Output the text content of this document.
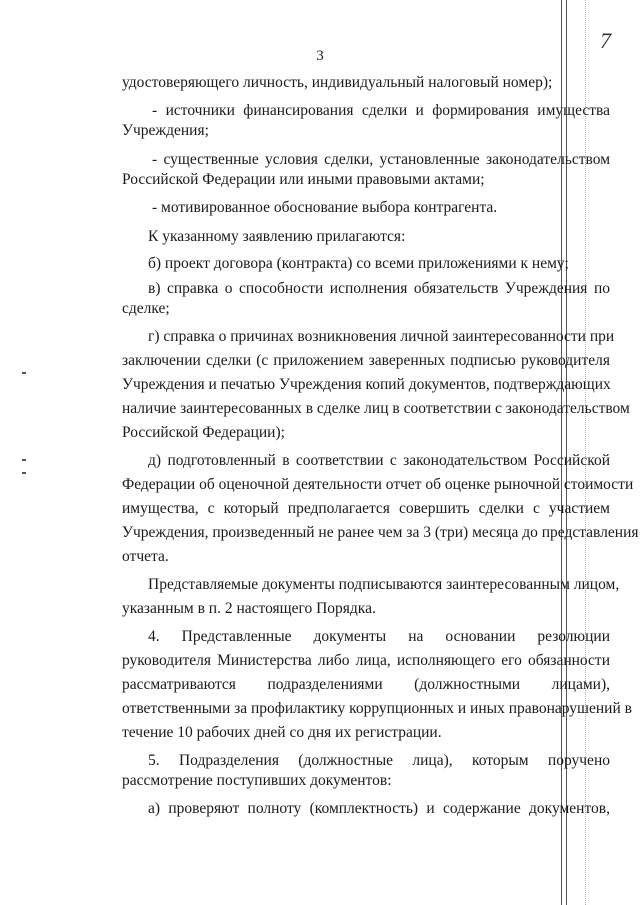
3
7
удостоверяющего личность, индивидуальный налоговый номер);
- источники финансирования сделки и формирования имущества
Учреждения;
- существенные условия сделки, установленные законодательством
Российской Федерации или иными правовыми актами;
- мотивированное обоснование выбора контрагента.
К указанному заявлению прилагаются:
б) проект договора (контракта) со всеми приложениями к нему;
в) справка о способности исполнения обязательств Учреждения по
сделке;
г) справка о причинах возникновения личной заинтересованности при
заключении сделки (с приложением заверенных подписью руководителя
Учреждения и печатью Учреждения копий документов, подтверждающих
наличие заинтересованных в сделке лиц в соответствии с законодательством
Российской Федерации);
д) подготовленный в соответствии с законодательством Российской
Федерации об оценочной деятельности отчет об оценке рыночной стоимости
имущества, с который предполагается совершить сделки с участием
Учреждения, произведенный не ранее чем за 3 (три) месяца до представления
отчета.
Представляемые документы подписываются заинтересованным лицом,
указанным в п. 2 настоящего Порядка.
4. Представленные документы на основании резолюции
руководителя Министерства либо лица, исполняющего его обязанности
рассматриваются подразделениями (должностными лицами),
ответственными за профилактику коррупционных и иных правонарушений в
течение 10 рабочих дней со дня их регистрации.
5. Подразделения (должностные лица), которым поручено
рассмотрение поступивших документов:
а) проверяют полноту (комплектность) и содержание документов,
